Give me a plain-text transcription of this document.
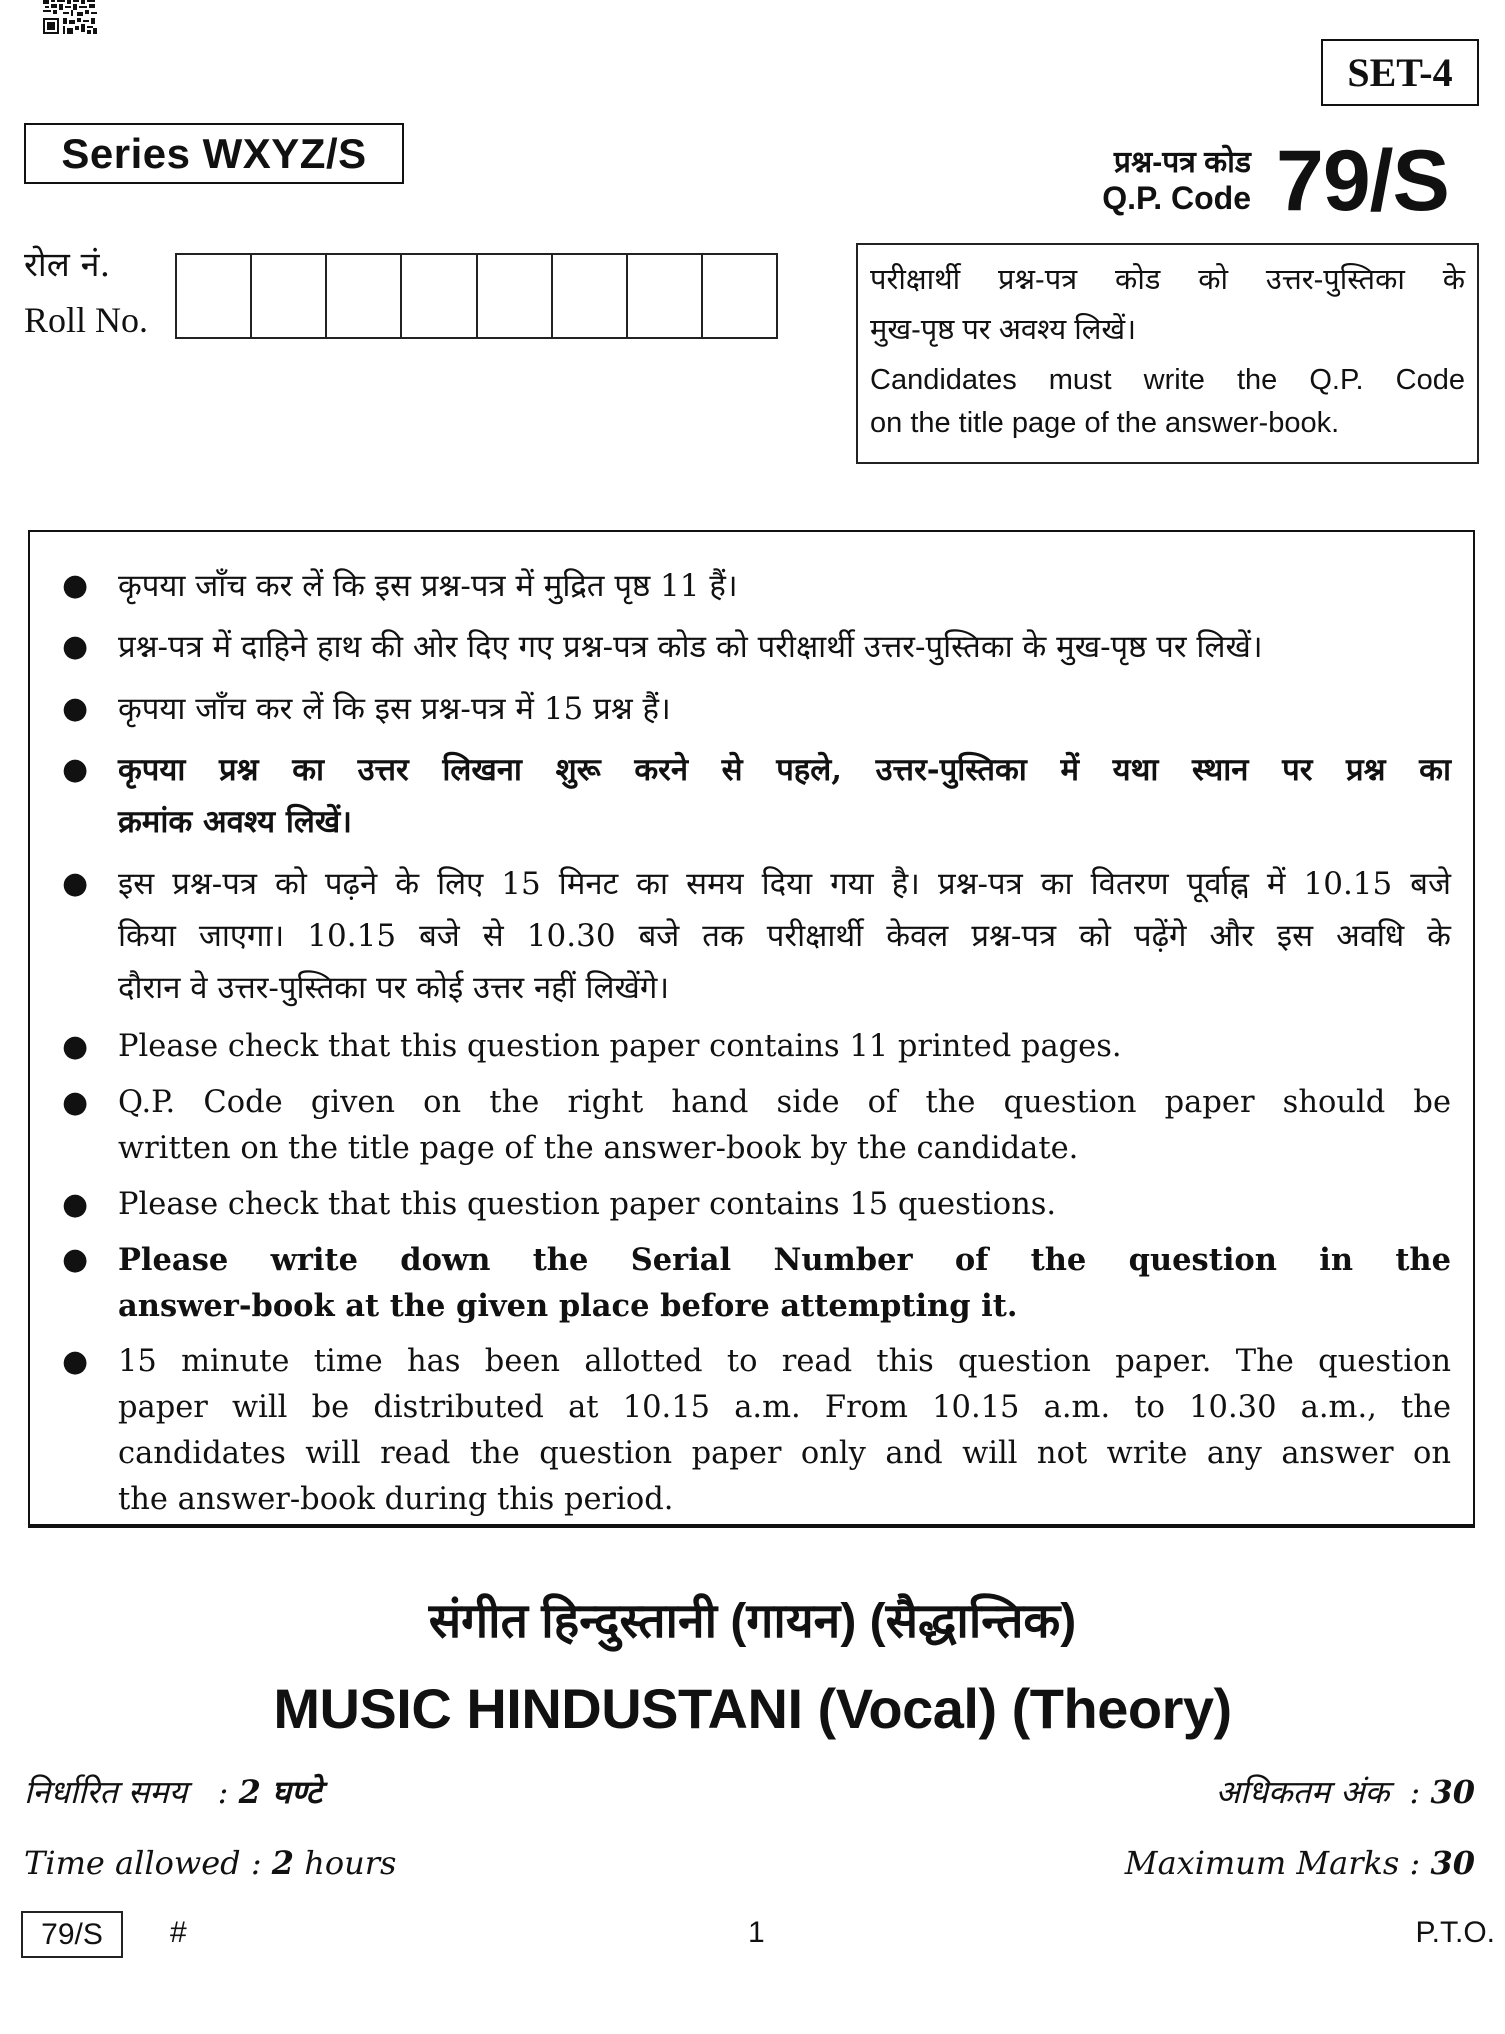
Series WXYZ/S
SET-4
प्रश्न-पत्र कोड
Q.P. Code 79/S
रोल नं.
Roll No.
परीक्षार्थी प्रश्न-पत्र कोड को उत्तर-पुस्तिका के
मुख-पृष्ठ पर अवश्य लिखें।
Candidates must write the Q.P. Code
on the title page of the answer-book.
● कृपया जाँच कर लें कि इस प्रश्न-पत्र में मुद्रित पृष्ठ 11 हैं।
● प्रश्न-पत्र में दाहिने हाथ की ओर दिए गए प्रश्न-पत्र कोड को परीक्षार्थी उत्तर-पुस्तिका के मुख-पृष्ठ पर लिखें।
● कृपया जाँच कर लें कि इस प्रश्न-पत्र में 15 प्रश्न हैं।
● कृपया प्रश्न का उत्तर लिखना शुरू करने से पहले, उत्तर-पुस्तिका में यथा स्थान पर प्रश्न का
क्रमांक अवश्य लिखें।
● इस प्रश्न-पत्र को पढ़ने के लिए 15 मिनट का समय दिया गया है। प्रश्न-पत्र का वितरण पूर्वाह्न में 10.15 बजे
किया जाएगा। 10.15 बजे से 10.30 बजे तक परीक्षार्थी केवल प्रश्न-पत्र को पढ़ेंगे और इस अवधि के
दौरान वे उत्तर-पुस्तिका पर कोई उत्तर नहीं लिखेंगे।
● Please check that this question paper contains 11 printed pages.
● Q.P. Code given on the right hand side of the question paper should be
written on the title page of the answer-book by the candidate.
● Please check that this question paper contains 15 questions.
● Please write down the Serial Number of the question in the
answer-book at the given place before attempting it.
● 15 minute time has been allotted to read this question paper. The question
paper will be distributed at 10.15 a.m. From 10.15 a.m. to 10.30 a.m., the
candidates will read the question paper only and will not write any answer on
the answer-book during this period.
संगीत हिन्दुस्तानी (गायन) (सैद्धान्तिक)
MUSIC HINDUSTANI (Vocal) (Theory)
निर्धारित समय   : 2 घण्टे	अधिकतम अंक  : 30
Time allowed : 2 hours	Maximum Marks : 30
79/S #	1	P.T.O.
